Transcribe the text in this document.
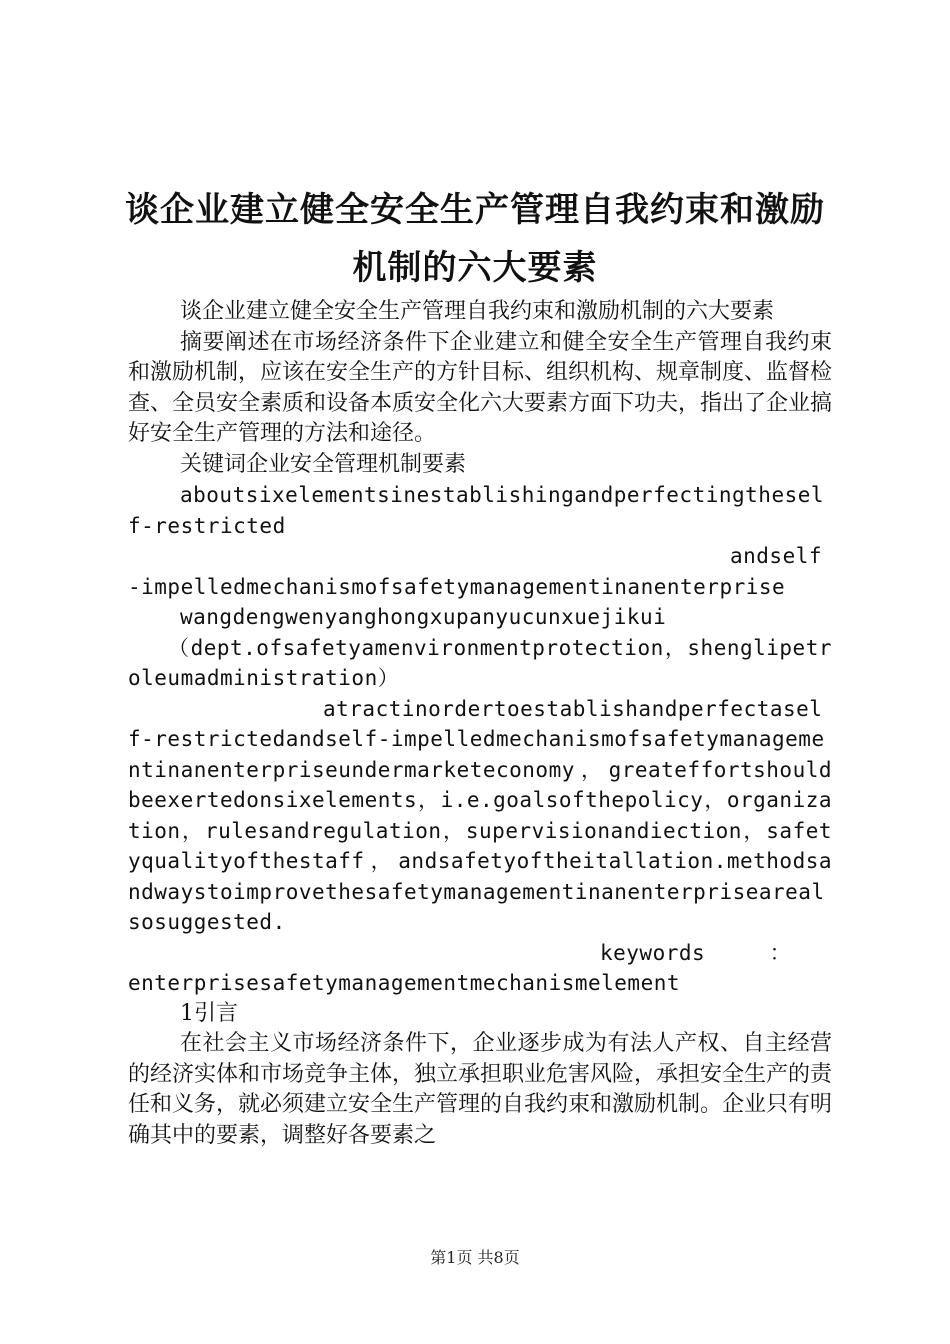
谈企业建立健全安全生产管理自我约束和激励
机制的六大要素

谈企业建立健全安全生产管理自我约束和激励机制的六大要素

摘要阐述在市场经济条件下企业建立和健全安全生产管理自我约束和激励机制，应该在安全生产的方针目标、组织机构、规章制度、监督检查、全员安全素质和设备本质安全化六大要素方面下功夫，指出了企业搞好安全生产管理的方法和途径。

关键词企业安全管理机制要素

aboutsixelementsinestablishingandperfectingtheself-restricted

andself-impelledmechanismofsafetymanagementinanenterprise

wangdengwenyanghongxupanyucunxuejikui

（dept.ofsafetyamenvironmentprotection，shenglipetroleumadministration）

atractinordertoestablishandperfectaself-restrictedandself-impelledmechanismofsafetymanagementinanenterpriseundermarketeconomy，greateffortshouldbeexertedonsixelements，i.e.goalsofthepolicy，organization，rulesandregulation，supervisionandiection，safetyqualityofthestaff，andsafetyoftheitallation.methodsandwaystoimprovethesafetymanagementinanenterprisearealsosuggested.

keywords　　　：

enterprisesafetymanagementmechanismelement

1引言

在社会主义市场经济条件下，企业逐步成为有法人产权、自主经营的经济实体和市场竞争主体，独立承担职业危害风险，承担安全生产的责任和义务，就必须建立安全生产管理的自我约束和激励机制。企业只有明确其中的要素，调整好各要素之

第1页 共8页
